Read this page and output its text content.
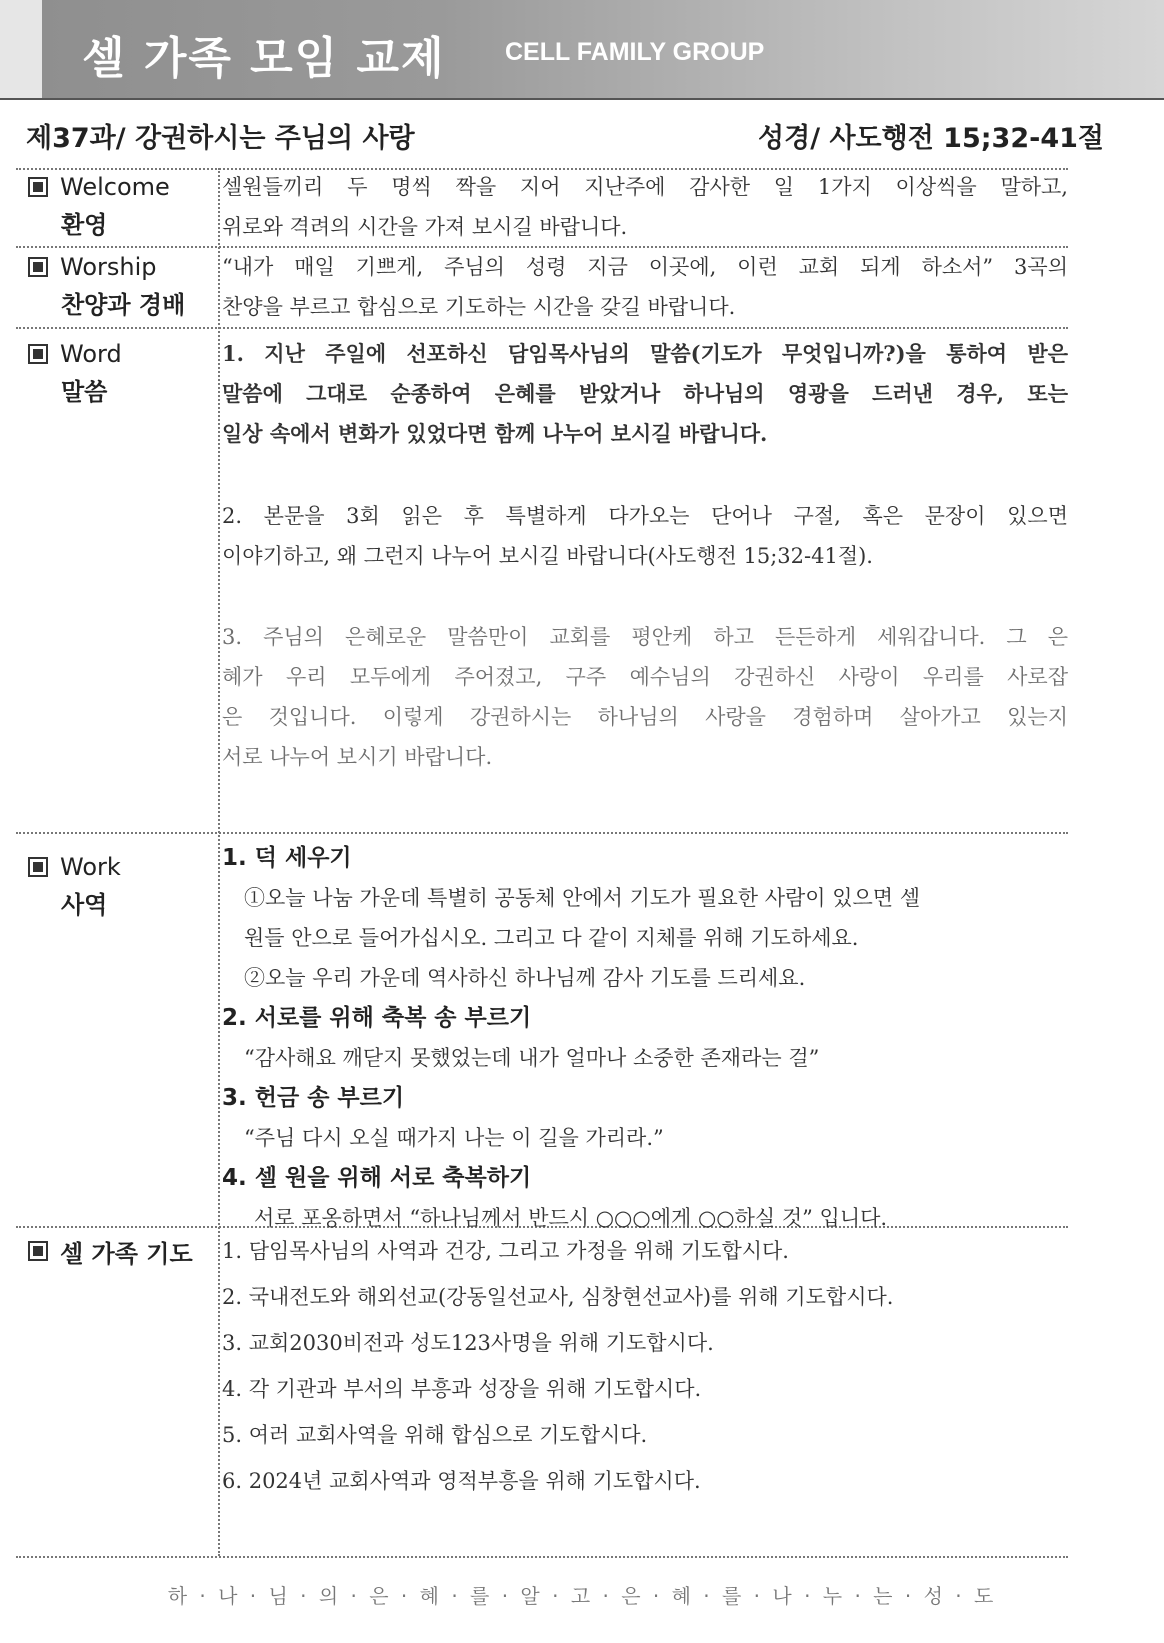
셀 가족 모임 교제 CELL FAMILY GROUP
제37과/ 강권하시는 주님의 사랑	성경/ 사도행전 15;32-41절
Welcome
환영
셀원들끼리 두 명씩 짝을 지어 지난주에 감사한 일 1가지 이상씩을 말하고,
위로와 격려의 시간을 가져 보시길 바랍니다.
Worship
찬양과 경배
“내가 매일 기쁘게, 주님의 성령 지금 이곳에, 이런 교회 되게 하소서” 3곡의
찬양을 부르고 합심으로 기도하는 시간을 갖길 바랍니다.
Word
말씀
1. 지난 주일에 선포하신 담임목사님의 말씀(기도가 무엇입니까?)을 통하여 받은
말씀에 그대로 순종하여 은혜를 받았거나 하나님의 영광을 드러낸 경우, 또는
일상 속에서 변화가 있었다면 함께 나누어 보시길 바랍니다.
2. 본문을 3회 읽은 후 특별하게 다가오는 단어나 구절, 혹은 문장이 있으면
이야기하고, 왜 그런지 나누어 보시길 바랍니다(사도행전 15;32-41절).
3. 주님의 은혜로운 말씀만이 교회를 평안케 하고 든든하게 세워갑니다. 그 은
혜가 우리 모두에게 주어졌고, 구주 예수님의 강권하신 사랑이 우리를 사로잡
은 것입니다. 이렇게 강권하시는 하나님의 사랑을 경험하며 살아가고 있는지
서로 나누어 보시기 바랍니다.
Work
사역
1. 덕 세우기
①오늘 나눔 가운데 특별히 공동체 안에서 기도가 필요한 사람이 있으면 셀
원들 안으로 들어가십시오. 그리고 다 같이 지체를 위해 기도하세요.
②오늘 우리 가운데 역사하신 하나님께 감사 기도를 드리세요.
2. 서로를 위해 축복 송 부르기
“감사해요 깨닫지 못했었는데 내가 얼마나 소중한 존재라는 걸”
3. 헌금 송 부르기
“주님 다시 오실 때가지 나는 이 길을 가리라.”
4. 셀 원을 위해 서로 축복하기
서로 포옹하면서 “하나님께서 반드시 ○○○에게 ○○하실 것” 입니다.
셀 가족 기도 1. 담임목사님의 사역과 건강, 그리고 가정을 위해 기도합시다.
2. 국내전도와 해외선교(강동일선교사, 심창현선교사)를 위해 기도합시다.
3. 교회2030비전과 성도123사명을 위해 기도합시다.
4. 각 기관과 부서의 부흥과 성장을 위해 기도합시다.
5. 여러 교회사역을 위해 합심으로 기도합시다.
6. 2024년 교회사역과 영적부흥을 위해 기도합시다.
하 · 나 · 님 · 의 · 은 · 혜 · 를 · 알 · 고 · 은 · 혜 · 를 · 나 · 누 · 는 · 성 · 도
